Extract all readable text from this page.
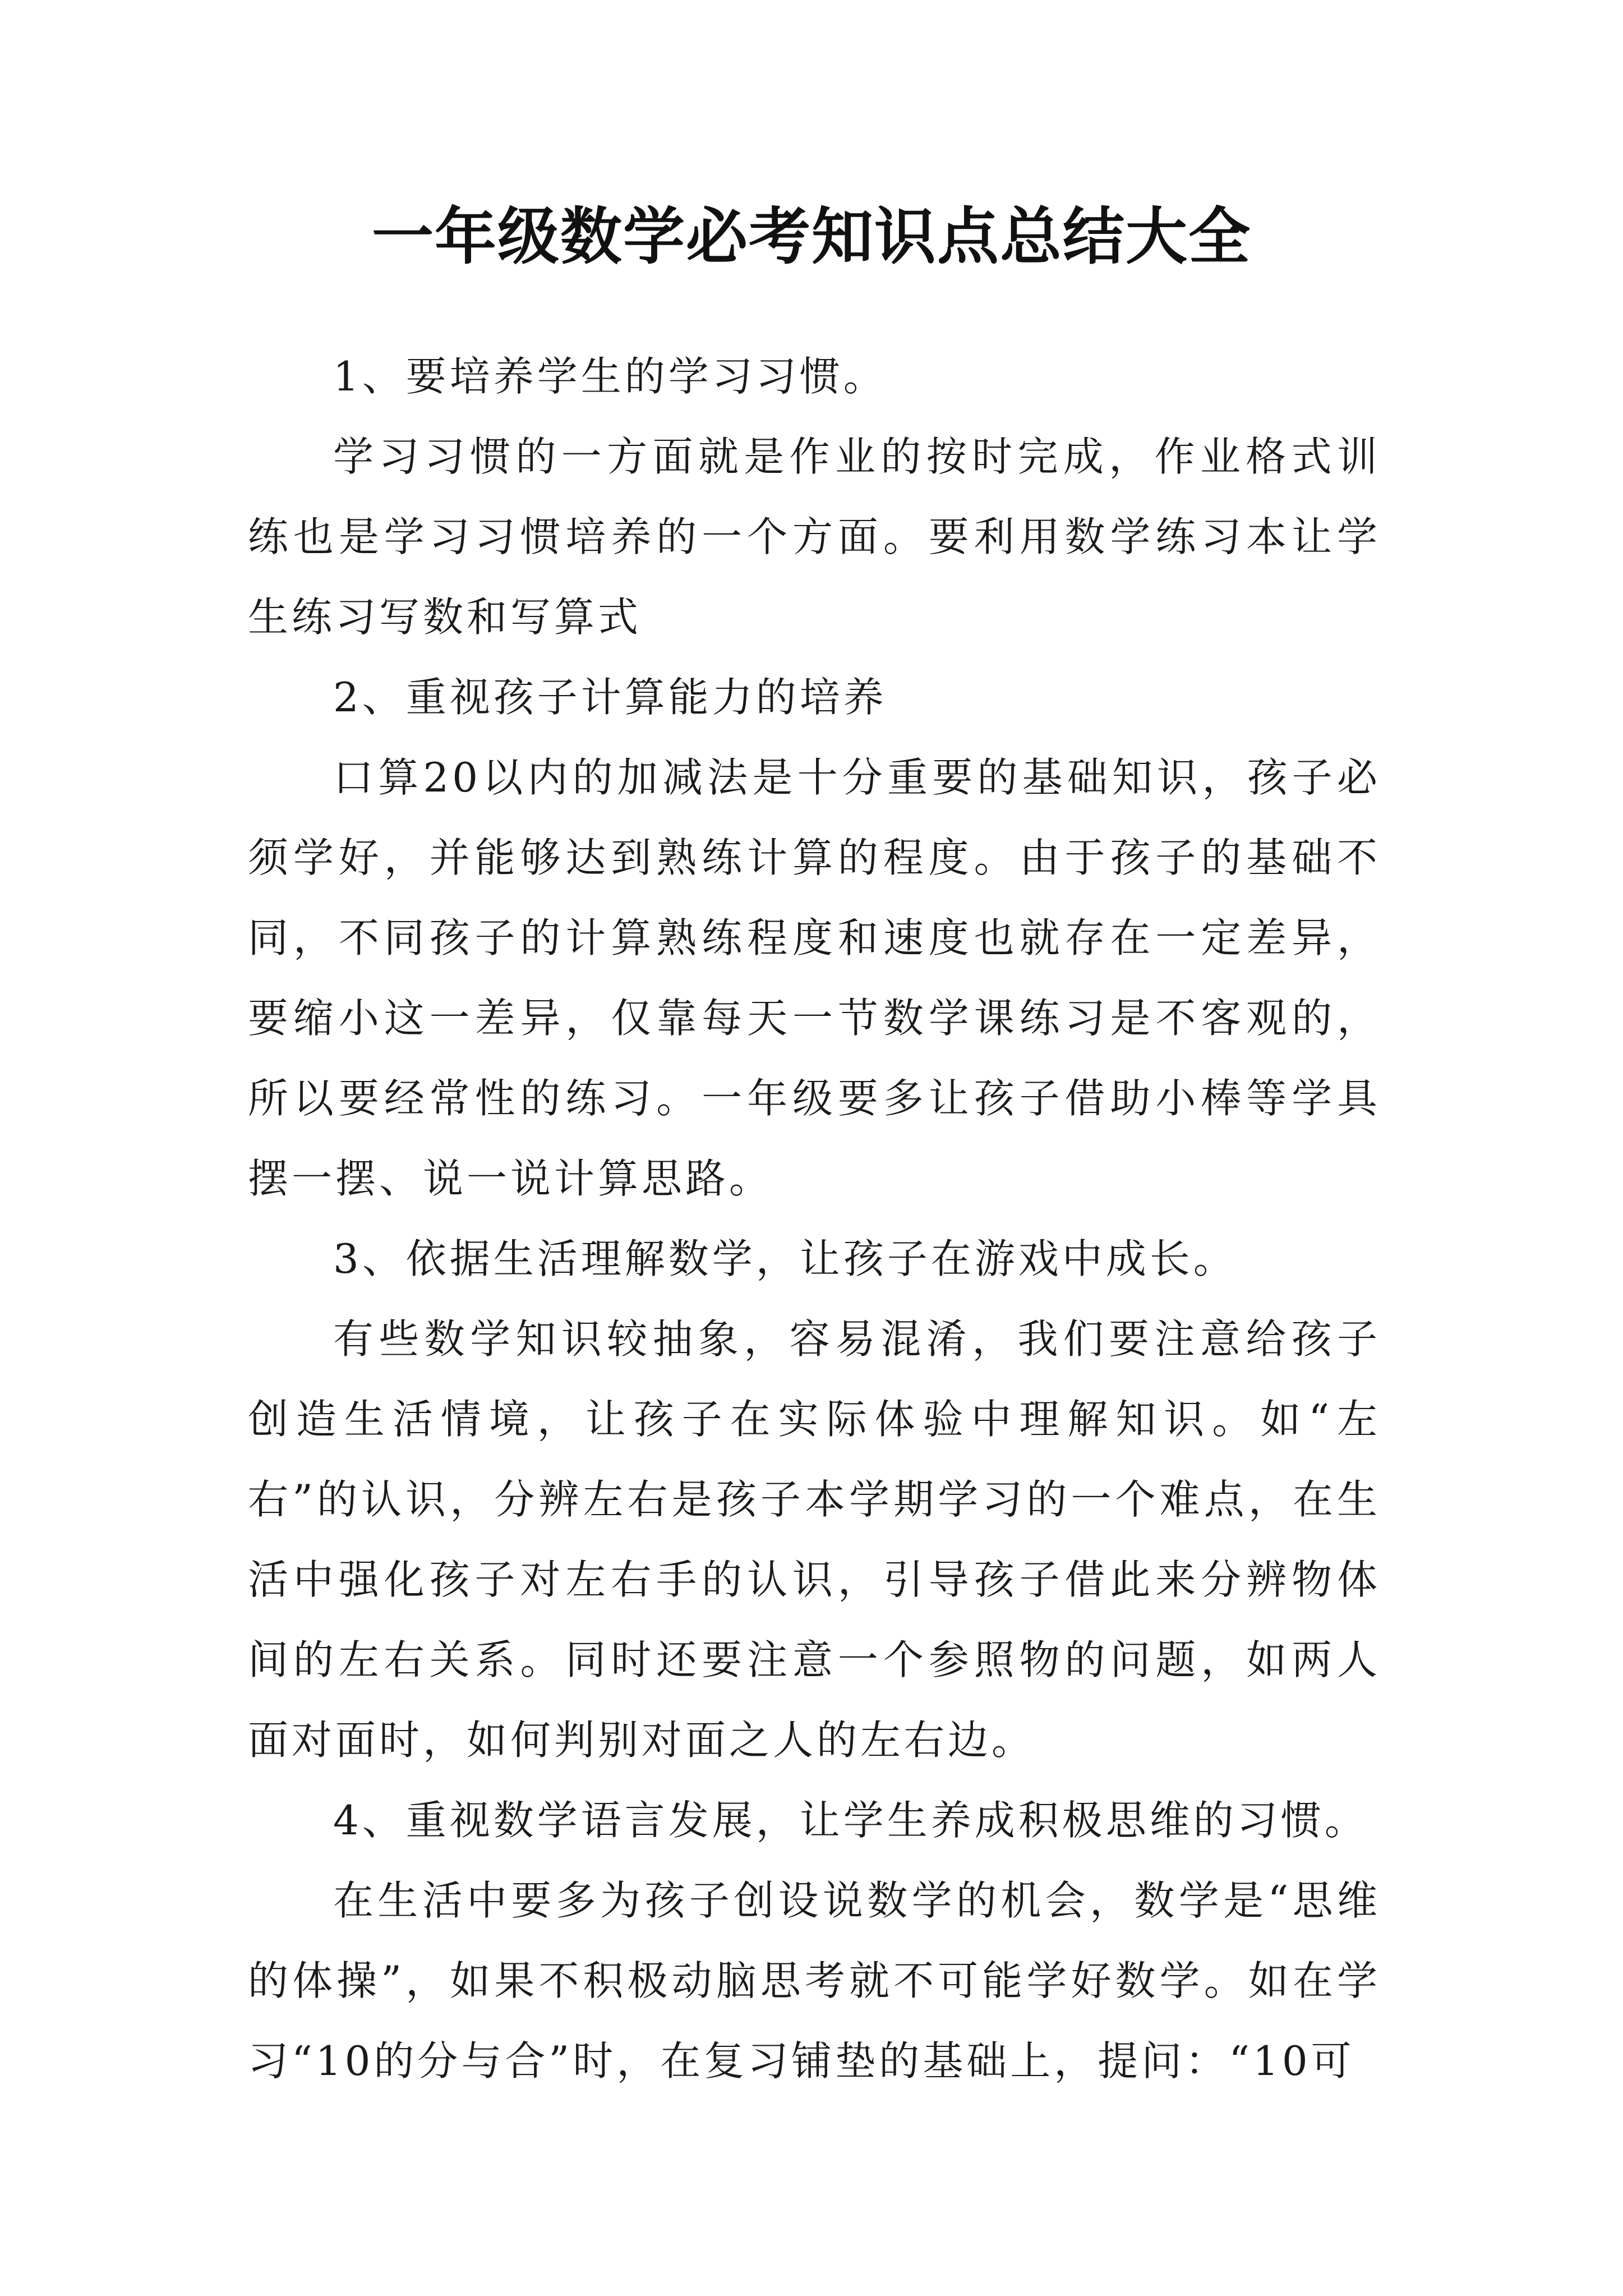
一年级数学必考知识点总结大全

1、要培养学生的学习习惯。

学习习惯的一方面就是作业的按时完成，作业格式训练也是学习习惯培养的一个方面。要利用数学练习本让学生练习写数和写算式

2、重视孩子计算能力的培养

口算20以内的加减法是十分重要的基础知识，孩子必须学好，并能够达到熟练计算的程度。由于孩子的基础不同，不同孩子的计算熟练程度和速度也就存在一定差异，要缩小这一差异，仅靠每天一节数学课练习是不客观的，所以要经常性的练习。一年级要多让孩子借助小棒等学具摆一摆、说一说计算思路。

3、依据生活理解数学，让孩子在游戏中成长。

有些数学知识较抽象，容易混淆，我们要注意给孩子创造生活情境，让孩子在实际体验中理解知识。如“左右”的认识，分辨左右是孩子本学期学习的一个难点，在生活中强化孩子对左右手的认识，引导孩子借此来分辨物体间的左右关系。同时还要注意一个参照物的问题，如两人面对面时，如何判别对面之人的左右边。

4、重视数学语言发展，让学生养成积极思维的习惯。

在生活中要多为孩子创设说数学的机会，数学是“思维的体操”，如果不积极动脑思考就不可能学好数学。如在学习“10的分与合”时，在复习铺垫的基础上，提问：“10可
